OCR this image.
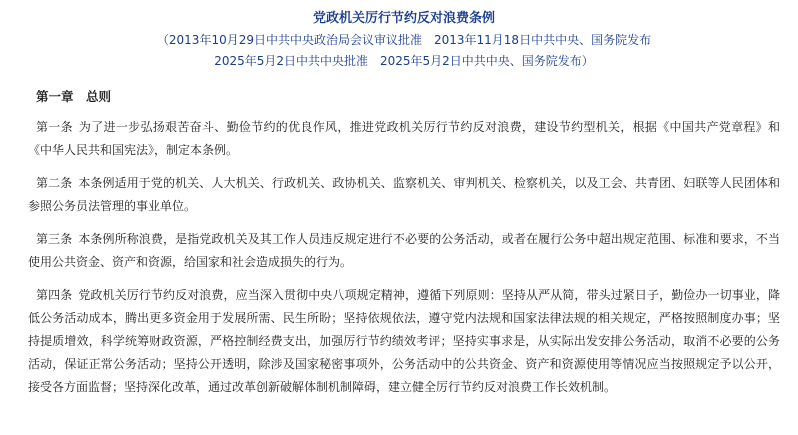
党政机关厉行节约反对浪费条例
（2013年10月29日中共中央政治局会议审议批准　2013年11月18日中共中央、国务院发布
2025年5月2日中共中央批准　2025年5月2日中共中央、国务院发布）
第一章　总则

第一条 为了进一步弘扬艰苦奋斗、勤俭节约的优良作风，推进党政机关厉行节约反对浪费，建设节约型机关，根据《中国共产党章程》和《中华人民共和国宪法》，制定本条例。

第二条 本条例适用于党的机关、人大机关、行政机关、政协机关、监察机关、审判机关、检察机关，以及工会、共青团、妇联等人民团体和参照公务员法管理的事业单位。

第三条 本条例所称浪费，是指党政机关及其工作人员违反规定进行不必要的公务活动，或者在履行公务中超出规定范围、标准和要求，不当使用公共资金、资产和资源，给国家和社会造成损失的行为。

第四条 党政机关厉行节约反对浪费，应当深入贯彻中央八项规定精神，遵循下列原则：坚持从严从简，带头过紧日子，勤俭办一切事业，降低公务活动成本，腾出更多资金用于发展所需、民生所盼；坚持依规依法，遵守党内法规和国家法律法规的相关规定，严格按照制度办事；坚持提质增效，科学统筹财政资源，严格控制经费支出，加强厉行节约绩效考评；坚持实事求是，从实际出发安排公务活动，取消不必要的公务活动，保证正常公务活动；坚持公开透明，除涉及国家秘密事项外，公务活动中的公共资金、资产和资源使用等情况应当按照规定予以公开，接受各方面监督；坚持深化改革，通过改革创新破解体制机制障碍，建立健全厉行节约反对浪费工作长效机制。
